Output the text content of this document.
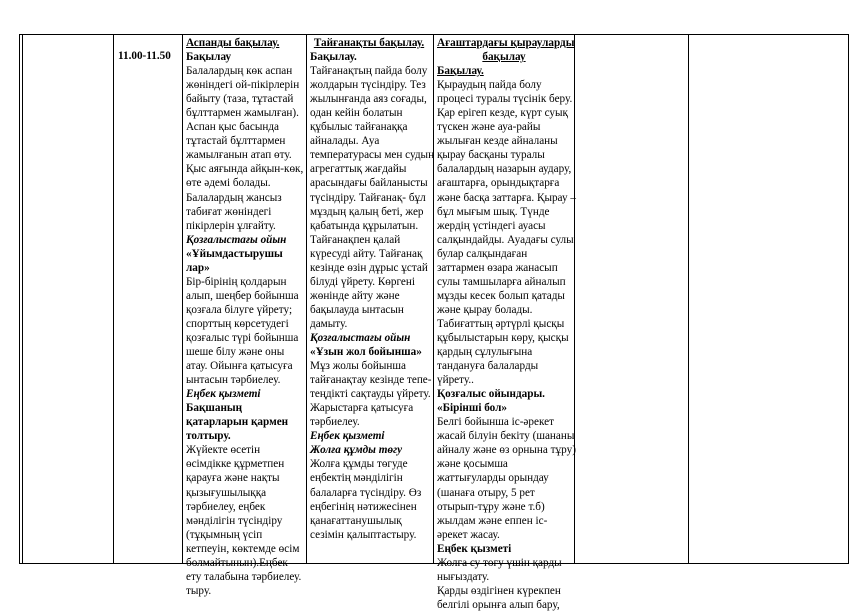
11.00-11.50
Аспанды бақылау.
Бақылау
Балалардың көк аспан
жөніндегі ой-пікірлерін
байыту (таза, тұтастай
бұлттармен жамылған).
Аспан қыс басында
тұтастай бұлттармен
жамылғанын атап өту.
Қыс аяғында айқын-көк,
өте әдемі болады.
Балалардың жансыз
табиғат жөніндегі
пікірлерін ұлғайту.
Қозғалыстағы ойын
«Ұйымдастырушы
лар»
Бір-бірінің қолдарын
алып, шеңбер бойынша
қозғала білуге үйрету;
спорттың көрсетудегі
қозғалыс түрі бойынша
шеше білу және оны
атау. Ойынға қатысуға
ынтасын тәрбиелеу.
Еңбек қызметі
Бақшаның
қатарларын қармен
толтыру.
Жүйекте өсетін
өсімдікке құрметпен
қарауға және нақты
қызығушылыққа
тәрбиелеу, еңбек
мәнділігін түсіндіру
(тұқымның үсіп
кетпеуін, көктемде өсім
болмайтынын).Еңбек
ету талабына тәрбиелеу.
тыру.
Тайғанақты бақылау.
Бақылау.
Тайғанақтың пайда болу
жолдарын түсіндіру. Тез
жылынғанда аяз соғады,
одан кейін болатын
құбылыс тайғанаққа
айналады. Ауа
температурасы мен судың
агрегаттық жағдайы
арасындағы байланысты
түсіндіру. Тайғанақ- бұл
мұздың қалың беті, жер
қабатында құрылатын.
Тайғанақпен қалай
күресуді айту. Тайғанақ
кезінде өзін дұрыс ұстай
білуді үйрету. Көргені
жөнінде айту және
бақылауда ынтасын
дамыту.
Қозғалыстағы ойын
«Ұзын жол бойынша»
Мұз жолы бойынша
тайғанақтау кезінде тепе-
теңдікті сақтауды үйрету.
Жарыстарға қатысуға
тәрбиелеу.
Еңбек қызметі
Жолға құмды төгу
Жолға құмды төгуде
еңбектің мәнділігін
балаларға түсіндіру. Өз
еңбегінің нәтижесінен
қанағаттанушылық
сезімін қалыптастыру.
Ағаштардағы қырауларды
бақылау
Бақылау.
Қыраудың пайда болу
процесі туралы түсінік беру.
Қар ерігеп кезде, күрт суық
түскен және ауа-райы
жылыған кезде айналаны
қырау басқаны туралы
балалардың назарын аудару,
ағаштарға, орындықтарға
және басқа заттарға. Қырау –
бұл мығым шық. Түнде
жердің үстіндегі ауасы
салқындайды. Ауадағы сулы
булар салқындаған
заттармен өзара жанасып
сулы тамшыларға айналып
мұзды кесек болып қатады
және қырау болады.
Табиғаттың әртүрлі қысқы
құбылыстарын көру, қысқы
қардың сұлулығына
тандануға балаларды
үйрету..
Қозғалыс ойындары.
«Бірінші бол»
Белгі бойынша іс-әрекет
жасай білуін бекіту (шананы
айналу және өз орнына тұру)
және қосымша
жаттығуларды орындау
(шанаға отыру, 5 рет
отырып-тұру және т.б)
жылдам және еппен іс-
әрекет жасау.
Еңбек қызметі
Жолға су төгу үшін қарды
нығыздату.
Қарды өздігінен күрекпен
белгілі орынға алып бару,
